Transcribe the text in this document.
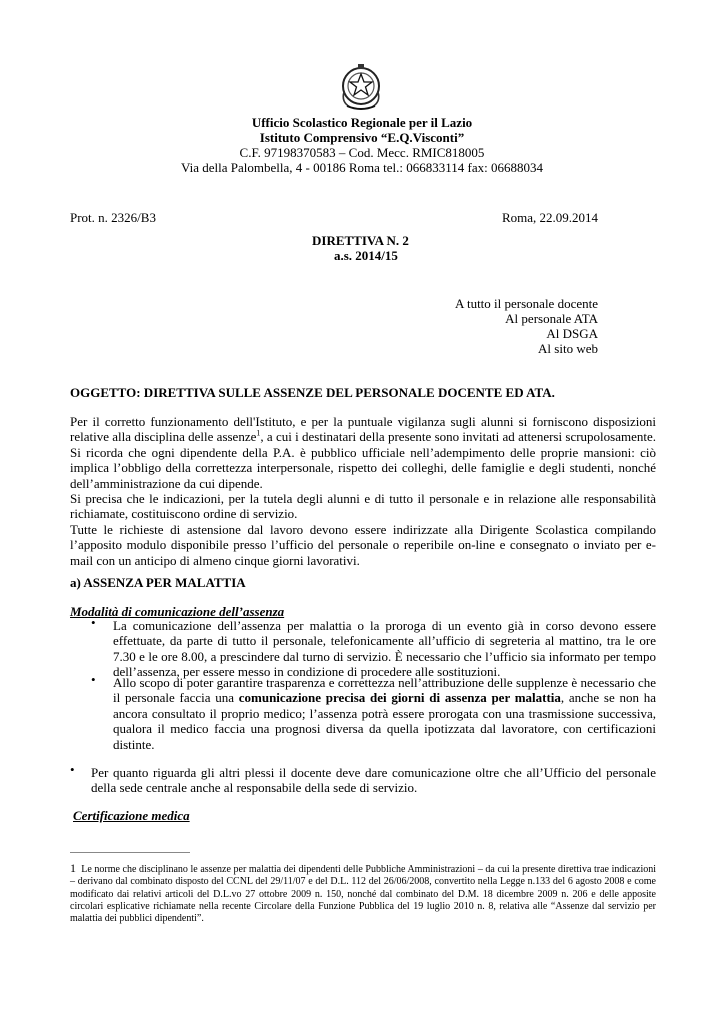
Ufficio Scolastico Regionale per il Lazio
Istituto Comprensivo “E.Q.Visconti”
C.F. 97198370583 – Cod. Mecc. RMIC818005
Via della Palombella, 4 - 00186 Roma tel.: 066833114 fax: 06688034
Prot. n. 2326/B3	Roma, 22.09.2014
DIRETTIVA N. 2
a.s. 2014/15
A tutto il personale docente
Al personale ATA
Al DSGA
Al sito web
OGGETTO: DIRETTIVA SULLE ASSENZE DEL PERSONALE DOCENTE ED ATA.

Per il corretto funzionamento dell'Istituto, e per la puntuale vigilanza sugli alunni si forniscono disposizioni relative alla disciplina delle assenze$^1$, a cui i destinatari della presente sono invitati ad attenersi scrupolosamente. Si ricorda che ogni dipendente della P.A. è pubblico ufficiale nell’adempimento delle proprie mansioni: ciò implica l’obbligo della correttezza interpersonale, rispetto dei colleghi, delle famiglie e degli studenti, nonché dell’amministrazione da cui dipende.

Si precisa che le indicazioni, per la tutela degli alunni e di tutto il personale e in relazione alle responsabilità richiamate, costituiscono ordine di servizio.

Tutte le richieste di astensione dal lavoro devono essere indirizzate alla Dirigente Scolastica compilando l’apposito modulo disponibile presso l’ufficio del personale o reperibile on-line e consegnato o inviato per e-mail con un anticipo di almeno cinque giorni lavorativi.

a) ASSENZA PER MALATTIA
Modalità di comunicazione dell’assenza
• La comunicazione dell’assenza per malattia o la proroga di un evento già in corso devono essere effettuate, da parte di tutto il personale, telefonicamente all’ufficio di segreteria al mattino, tra le ore 7.30 e le ore 8.00, a prescindere dal turno di servizio. È necessario che l’ufficio sia informato per tempo dell’assenza, per essere messo in condizione di procedere alle sostituzioni.
• Allo scopo di poter garantire trasparenza e correttezza nell’attribuzione delle supplenze è necessario che il personale faccia una comunicazione precisa dei giorni di assenza per malattia, anche se non ha ancora consultato il proprio medico; l’assenza potrà essere prorogata con una trasmissione successiva, qualora il medico faccia una prognosi diversa da quella ipotizzata dal lavoratore, con certificazioni distinte.
• Per quanto riguarda gli altri plessi il docente deve dare comunicazione oltre che all’Ufficio del personale della sede centrale anche al responsabile della sede di servizio.
Certificazione medica
1 Le norme che disciplinano le assenze per malattia dei dipendenti delle Pubbliche Amministrazioni – da cui la presente direttiva trae indicazioni – derivano dal combinato disposto del CCNL del 29/11/07 e del D.L. 112 del 26/06/2008, convertito nella Legge n.133 del 6 agosto 2008 e come modificato dai relativi articoli del D.L.vo 27 ottobre 2009 n. 150, nonché dal combinato del D.M. 18 dicembre 2009 n. 206 e delle apposite circolari esplicative richiamate nella recente Circolare della Funzione Pubblica del 19 luglio 2010 n. 8, relativa alle “Assenze dal servizio per malattia dei pubblici dipendenti”.
